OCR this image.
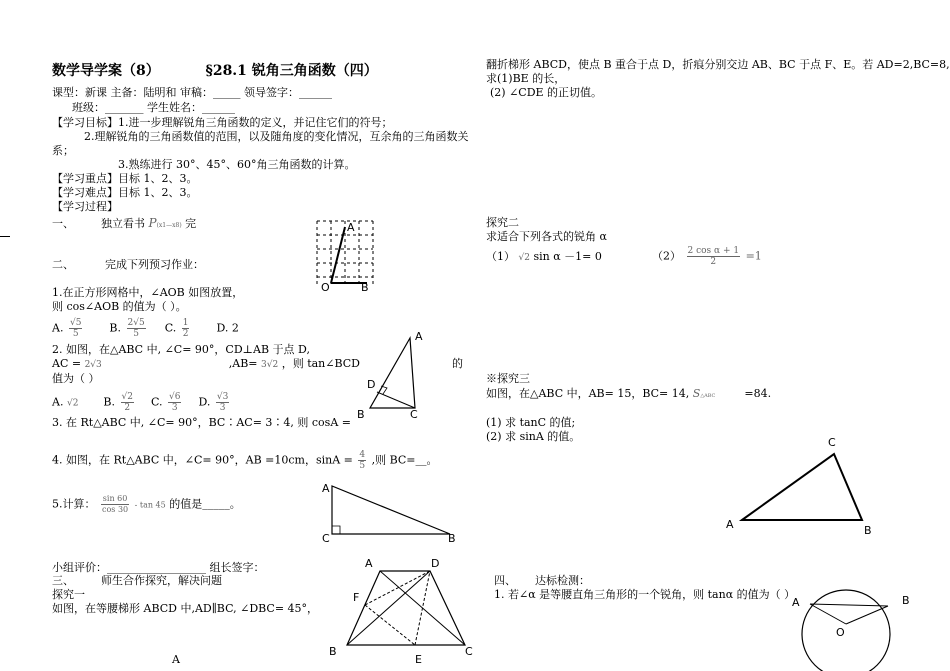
数学导学案（8）	§28.1 锐角三角函数（四）
课型：新课 主备：陆明和 审稿：_____ 领导签字：______
班级：_______ 学生姓名：______
【学习目标】1.进一步理解锐角三角函数的定义，并记住它们的符号；
2.理解锐角的三角函数值的范围，以及随角度的变化情况，互余角的三角函数关
系；
3.熟练进行 30°、45°、60°角三角函数的计算。
【学习重点】目标 1、2、3。
【学习难点】目标 1、2、3。
【学习过程】
一、 独立看书 P(x1—x8) 完
二、	完成下列预习作业：
1.在正方形网格中，∠AOB 如图放置，
则 cos∠AOB 的值为（ ）。
A. $\frac{√5}{5} B$. $\frac{2√5}{5} C$. $\frac{1}{2} D$. 2
2. 如图，在△ABC 中, ∠C= 90°，CD⊥AB 于点 D,
AC = 2√3	,AB= 3√2 ，则 tan∠BCD	的
值为（ ）
A. √2 B. $\frac{√2}{2} C$. $\frac{√6}{3} D$. $\frac{√3}{3}$
3. 在 Rt△ABC 中, ∠C= 90°，BC∶AC= 3∶4, 则 cosA =
4. 如图，在 Rt△ABC 中，∠C= 90°，AB =10cm，$\sin A = \frac{4}{5}$ ,则 BC=__。
5.计算： $\frac{\sin 60}{\cos 30}$ - tan 45 的值是_____。
小组评价：__________________ 组长签字：
三、 师生合作探究，解决问题
探究一
如图，在等腰梯形 ABCD 中,AD∥BC, ∠DBC= 45°，
A
O
A
B
A
B	C
D
A
C	B
A	D
F
B	C
E
翻折梯形 ABCD，使点 B 重合于点 D，折痕分别交边 AB、BC 于点 F、E。若 AD=2,BC=8,
求(1)BE 的长，
(2) ∠CDE 的正切值。
探究二
求适合下列各式的锐角 α
（1） √2 sin α －1= 0	$(2) \frac{\text{2 cos α + 1}}{2} =1$
※探究三
如图，在△ABC 中，AB= 15，BC= 14, S△ABC	=84.
(1) 求 tanC 的值;
(2) 求 sinA 的值。
A
C
B
四、 达标检测：
1. 若∠α 是等腰直角三角形的一个锐角，则 tanα 的值为（ ）
A	B
O
